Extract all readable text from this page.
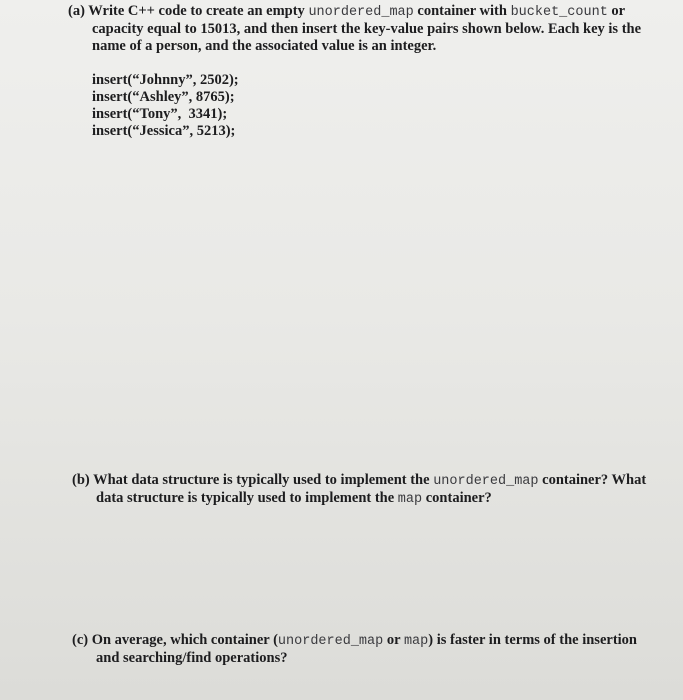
(a) Write C++ code to create an empty unordered_map container with bucket_count or
capacity equal to 15013, and then insert the key-value pairs shown below. Each key is the
name of a person, and the associated value is an integer.
insert(“Johnny”, 2502);
insert(“Ashley”, 8765);
insert(“Tony”,  3341);
insert(“Jessica”, 5213);
(b) What data structure is typically used to implement the unordered_map container? What
data structure is typically used to implement the map container?
(c) On average, which container (unordered_map or map) is faster in terms of the insertion
and searching/find operations?
